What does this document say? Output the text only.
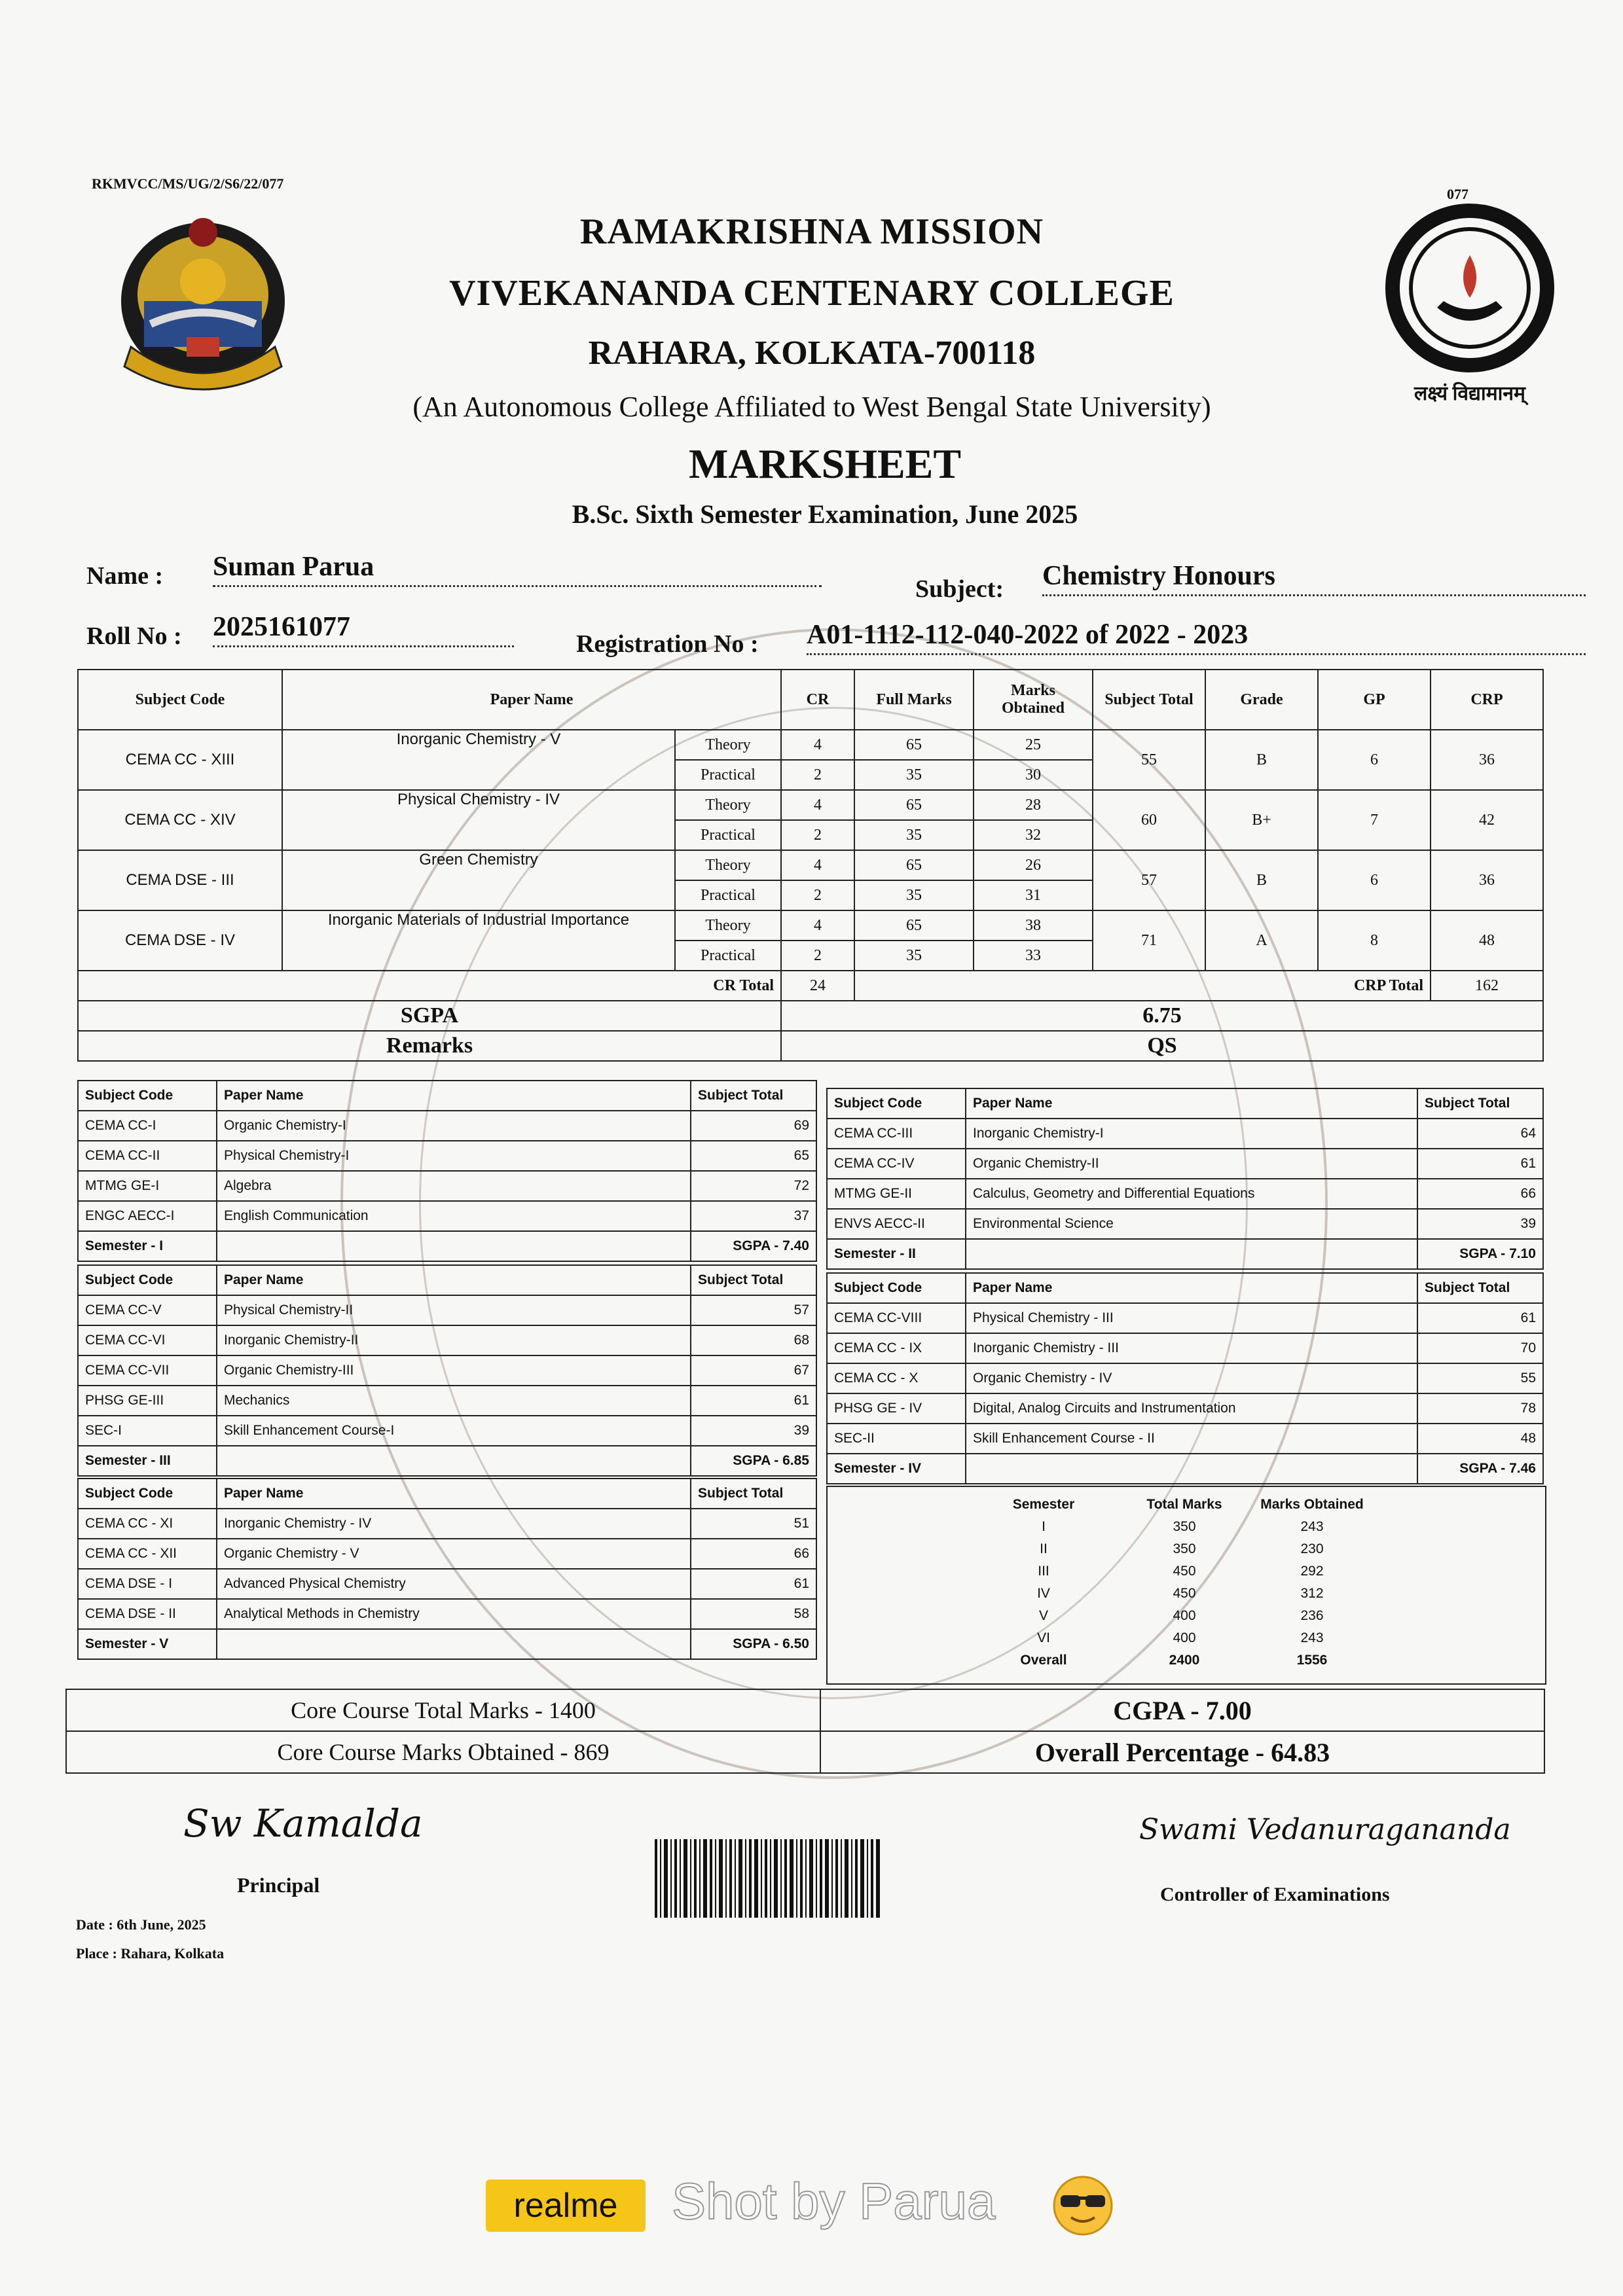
RKMVCC/MS/UG/2/S6/22/077
077
RAMAKRISHNA MISSION
VIVEKANANDA CENTENARY COLLEGE
RAHARA, KOLKATA-700118
(An Autonomous College Affiliated to West Bengal State University)
MARKSHEET
B.Sc. Sixth Semester Examination, June 2025
लक्ष्यं विद्यामानम्
Name : Suman Parua
Subject: Chemistry Honours
Roll No : 2025161077
Registration No : A01-1112-112-040-2022 of 2022 - 2023
Subject Code	Paper Name		CR	Full Marks	Marks Obtained	Subject Total	Grade	GP	CRP
CEMA CC - XIII	Inorganic Chemistry - V	Theory	4	65	25	55	B	6	36
		Practical	2	35	30				
CEMA CC - XIV	Physical Chemistry - IV	Theory	4	65	28	60	B+	7	42
		Practical	2	35	32				
CEMA DSE - III	Green Chemistry	Theory	4	65	26	57	B	6	36
		Practical	2	35	31				
CEMA DSE - IV	Inorganic Materials of Industrial Importance	Theory	4	65	38	71	A	8	48
		Practical	2	35	33				
CR Total			24	CRP Total					162
SGPA			6.75						
Remarks			QS						
Subject Code	Paper Name	Subject Total
CEMA CC-I	Organic Chemistry-I	69
CEMA CC-II	Physical Chemistry-I	65
MTMG GE-I	Algebra	72
ENGC AECC-I	English Communication	37
Semester - I		SGPA - 7.40
Subject Code	Paper Name	Subject Total
CEMA CC-V	Physical Chemistry-II	57
CEMA CC-VI	Inorganic Chemistry-II	68
CEMA CC-VII	Organic Chemistry-III	67
PHSG GE-III	Mechanics	61
SEC-I	Skill Enhancement Course-I	39
Semester - III		SGPA - 6.85
Subject Code	Paper Name	Subject Total
CEMA CC - XI	Inorganic Chemistry - IV	51
CEMA CC - XII	Organic Chemistry - V	66
CEMA DSE - I	Advanced Physical Chemistry	61
CEMA DSE - II	Analytical Methods in Chemistry	58
Semester - V		SGPA - 6.50
Subject Code	Paper Name	Subject Total
CEMA CC-III	Inorganic Chemistry-I	64
CEMA CC-IV	Organic Chemistry-II	61
MTMG GE-II	Calculus, Geometry and Differential Equations	66
ENVS AECC-II	Environmental Science	39
Semester - II		SGPA - 7.10
Subject Code	Paper Name	Subject Total
CEMA CC-VIII	Physical Chemistry - III	61
CEMA CC - IX	Inorganic Chemistry - III	70
CEMA CC - X	Organic Chemistry - IV	55
PHSG GE - IV	Digital, Analog Circuits and Instrumentation	78
SEC-II	Skill Enhancement Course - II	48
Semester - IV		SGPA - 7.46
Semester	Total Marks	Marks Obtained
I	350	243
II	350	230
III	450	292
IV	450	312
V	400	236
VI	400	243
Overall	2400	1556
Core Course Total Marks - 1400	CGPA - 7.00
Core Course Marks Obtained - 869	Overall Percentage - 64.83
Sw Kamalda
Principal
Swami Vedanuragananda
Controller of Examinations
Date : 6th June, 2025
Place : Rahara, Kolkata
realme	Shot by Parua
